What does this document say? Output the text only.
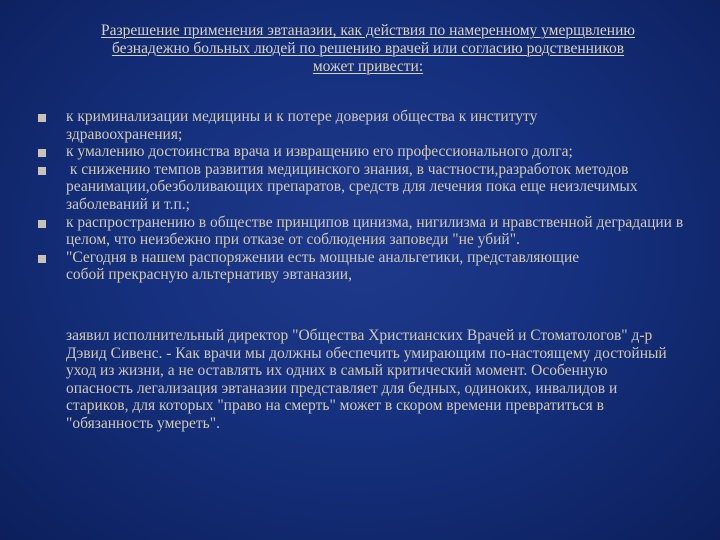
Разрешение применения эвтаназии, как действия по намеренному умерщвлению безнадежно больных людей по решению врачей или согласию родственников может привести:
к криминализации медицины и к потере доверия общества к институту здравоохранения;
к умалению достоинства врача и извращению его профессионального долга;
к снижению темпов развития медицинского знания, в частности,разработок методов реанимации,обезболивающих препаратов, средств для лечения пока еще неизлечимых заболеваний и т.п.;
к распространению в обществе принципов цинизма, нигилизма и нравственной деградации в целом, что неизбежно при отказе от соблюдения заповеди "не убий".
"Сегодня в нашем распоряжении есть мощные анальгетики, представляющие собой прекрасную альтернативу эвтаназии,
заявил исполнительный директор "Общества Христианских Врачей и Стоматологов" д-р Дэвид Сивенс. - Как врачи мы должны обеспечить умирающим по-настоящему достойный уход из жизни, а не оставлять их одних в самый критический момент. Особенную опасность легализация эвтаназии представляет для бедных, одиноких, инвалидов и стариков, для которых "право на смерть" может в скором времени превратиться в "обязанность умереть".
